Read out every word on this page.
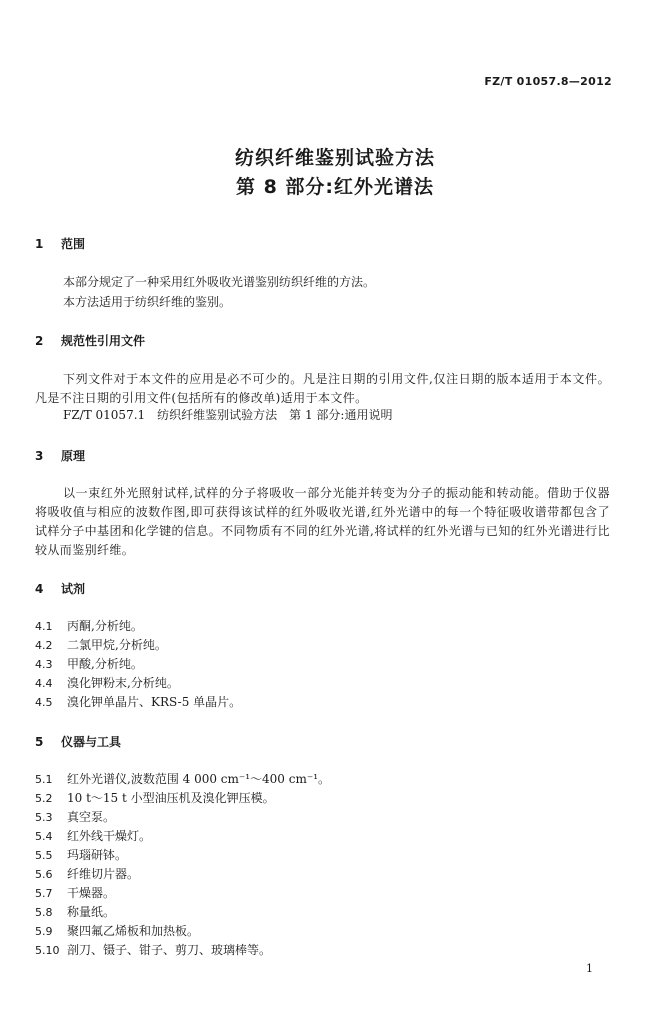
FZ/T 01057.8—2012
纺织纤维鉴别试验方法
第 8 部分:红外光谱法
1 范围
本部分规定了一种采用红外吸收光谱鉴别纺织纤维的方法。
本方法适用于纺织纤维的鉴别。
2 规范性引用文件
下列文件对于本文件的应用是必不可少的。凡是注日期的引用文件,仅注日期的版本适用于本文件。凡是不注日期的引用文件(包括所有的修改单)适用于本文件。
FZ/T 01057.1　纺织纤维鉴别试验方法　第 1 部分:通用说明
3 原理
以一束红外光照射试样,试样的分子将吸收一部分光能并转变为分子的振动能和转动能。借助于仪器将吸收值与相应的波数作图,即可获得该试样的红外吸收光谱,红外光谱中的每一个特征吸收谱带都包含了试样分子中基团和化学键的信息。不同物质有不同的红外光谱,将试样的红外光谱与已知的红外光谱进行比较从而鉴别纤维。
4 试剂
4.1 丙酮,分析纯。
4.2 二氯甲烷,分析纯。
4.3 甲酸,分析纯。
4.4 溴化钾粉末,分析纯。
4.5 溴化钾单晶片、KRS-5 单晶片。
5 仪器与工具
5.1 红外光谱仪,波数范围 4 000 cm⁻¹～400 cm⁻¹。
5.2 10 t～15 t 小型油压机及溴化钾压模。
5.3 真空泵。
5.4 红外线干燥灯。
5.5 玛瑙研钵。
5.6 纤维切片器。
5.7 干燥器。
5.8 称量纸。
5.9 聚四氟乙烯板和加热板。
5.10 剖刀、镊子、钳子、剪刀、玻璃棒等。
1
